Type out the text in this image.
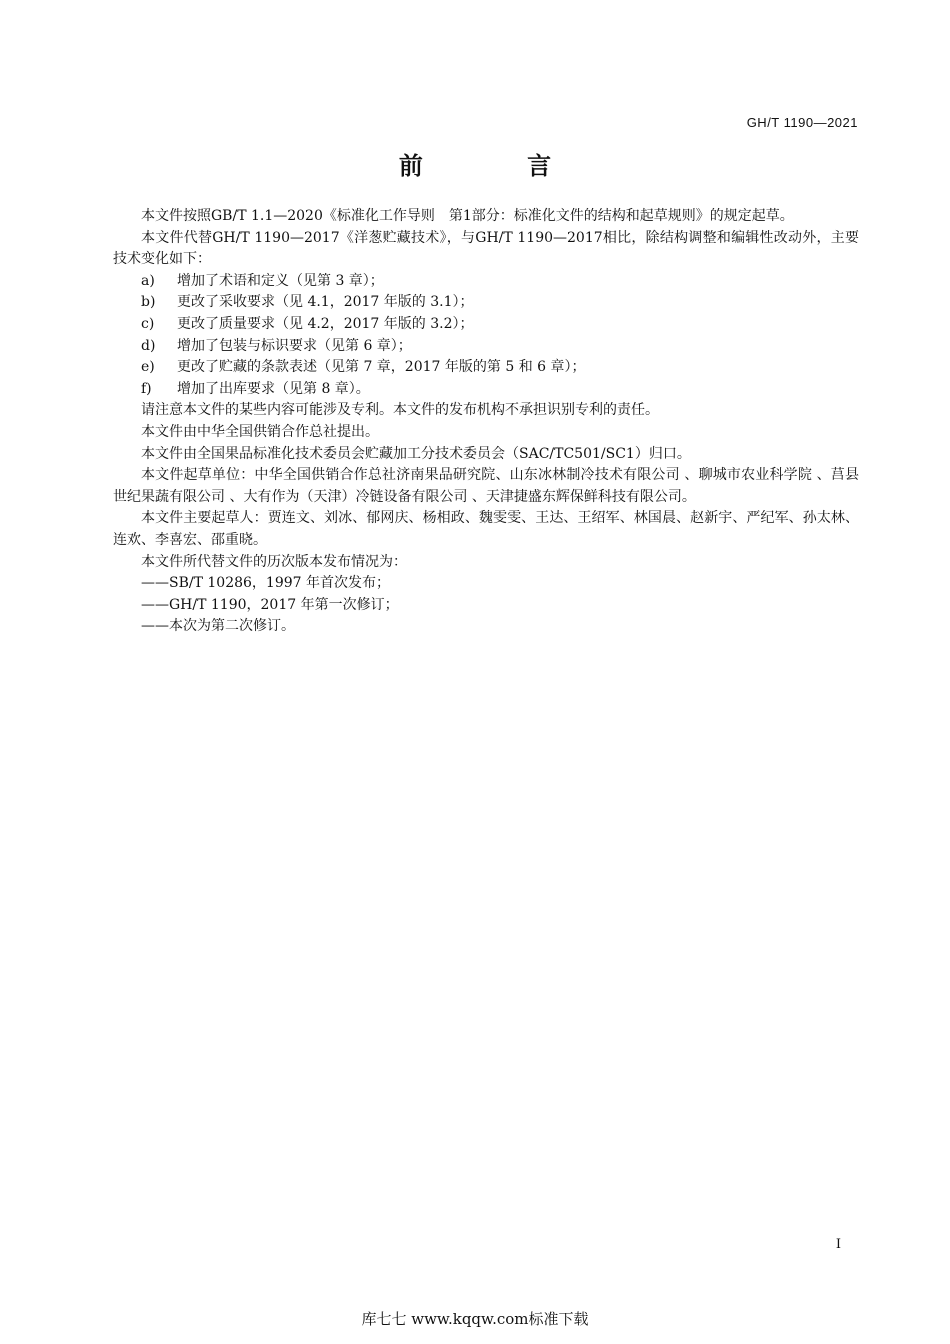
GH/T 1190—2021
前 言

本文件按照GB/T 1.1—2020《标准化工作导则　第1部分：标准化文件的结构和起草规则》的规定起草。

本文件代替GH/T 1190—2017《洋葱贮藏技术》，与GH/T 1190—2017相比，除结构调整和编辑性改动外，主要技术变化如下：

a) 增加了术语和定义（见第 3 章）；

b) 更改了采收要求（见 4.1，2017 年版的 3.1）；

c) 更改了质量要求（见 4.2，2017 年版的 3.2）；

d) 增加了包装与标识要求（见第 6 章）；

e) 更改了贮藏的条款表述（见第 7 章，2017 年版的第 5 和 6 章）；

f) 增加了出库要求（见第 8 章）。

请注意本文件的某些内容可能涉及专利。本文件的发布机构不承担识别专利的责任。

本文件由中华全国供销合作总社提出。

本文件由全国果品标准化技术委员会贮藏加工分技术委员会（SAC/TC501/SC1）归口。

本文件起草单位：中华全国供销合作总社济南果品研究院、山东冰林制冷技术有限公司 、聊城市农业科学院 、莒县世纪果蔬有限公司 、大有作为（天津）冷链设备有限公司 、天津捷盛东辉保鲜科技有限公司。

本文件主要起草人：贾连文、刘冰、郁网庆、杨相政、魏雯雯、王达、王绍军、林国晨、赵新宇、严纪军、孙太林、连欢、李喜宏、邵重晓。

本文件所代替文件的历次版本发布情况为：

——SB/T 10286，1997 年首次发布；

——GH/T 1190，2017 年第一次修订；

——本次为第二次修订。

I
库七七 www.kqqw.com标准下载
